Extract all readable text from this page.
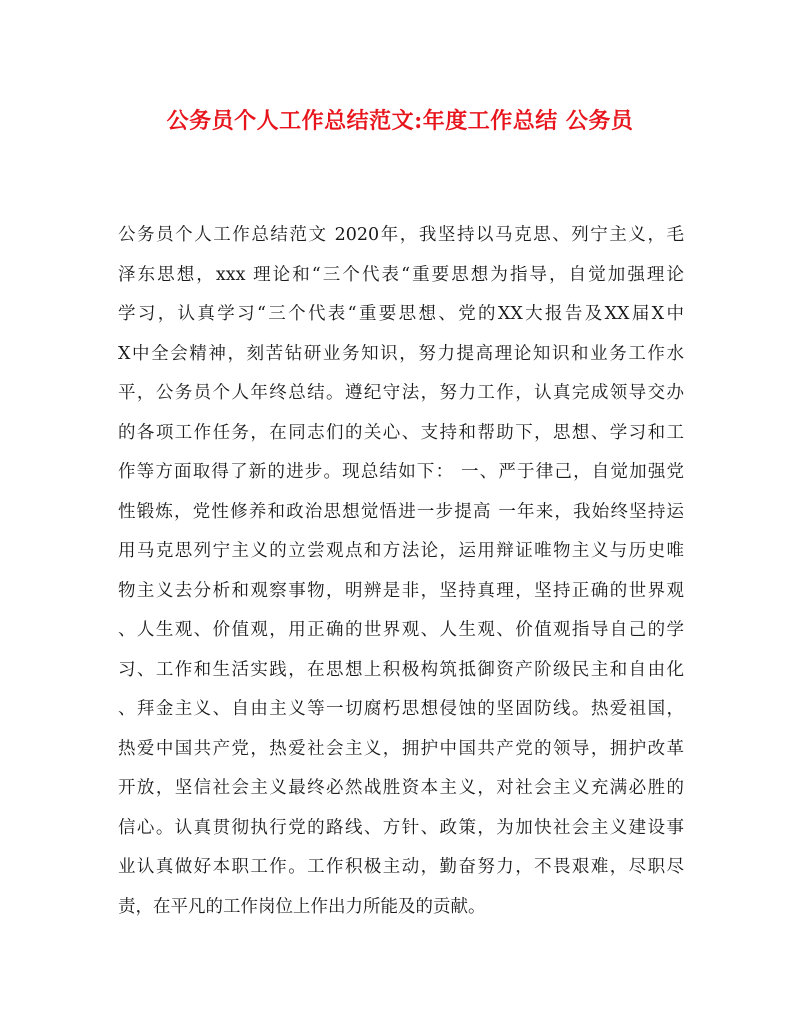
公务员个人工作总结范文:年度工作总结 公务员
公务员个人工作总结范文 2020年，我坚持以马克思、列宁主义，毛
泽东思想，xxx 理论和“三个代表“重要思想为指导，自觉加强理论
学习，认真学习“三个代表“重要思想、党的XX大报告及XX届X中
X中全会精神，刻苦钻研业务知识，努力提高理论知识和业务工作水
平，公务员个人年终总结。遵纪守法，努力工作，认真完成领导交办
的各项工作任务，在同志们的关心、支持和帮助下，思想、学习和工
作等方面取得了新的进步。现总结如下： 一、严于律己，自觉加强党
性锻炼，党性修养和政治思想觉悟进一步提高 一年来，我始终坚持运
用马克思列宁主义的立尝观点和方法论，运用辩证唯物主义与历史唯
物主义去分析和观察事物，明辨是非，坚持真理，坚持正确的世界观
、人生观、价值观，用正确的世界观、人生观、价值观指导自己的学
习、工作和生活实践，在思想上积极构筑抵御资产阶级民主和自由化
、拜金主义、自由主义等一切腐朽思想侵蚀的坚固防线。热爱祖国，
热爱中国共产党，热爱社会主义，拥护中国共产党的领导，拥护改革
开放，坚信社会主义最终必然战胜资本主义，对社会主义充满必胜的
信心。认真贯彻执行党的路线、方针、政策，为加快社会主义建设事
业认真做好本职工作。工作积极主动，勤奋努力，不畏艰难，尽职尽
责，在平凡的工作岗位上作出力所能及的贡献。
